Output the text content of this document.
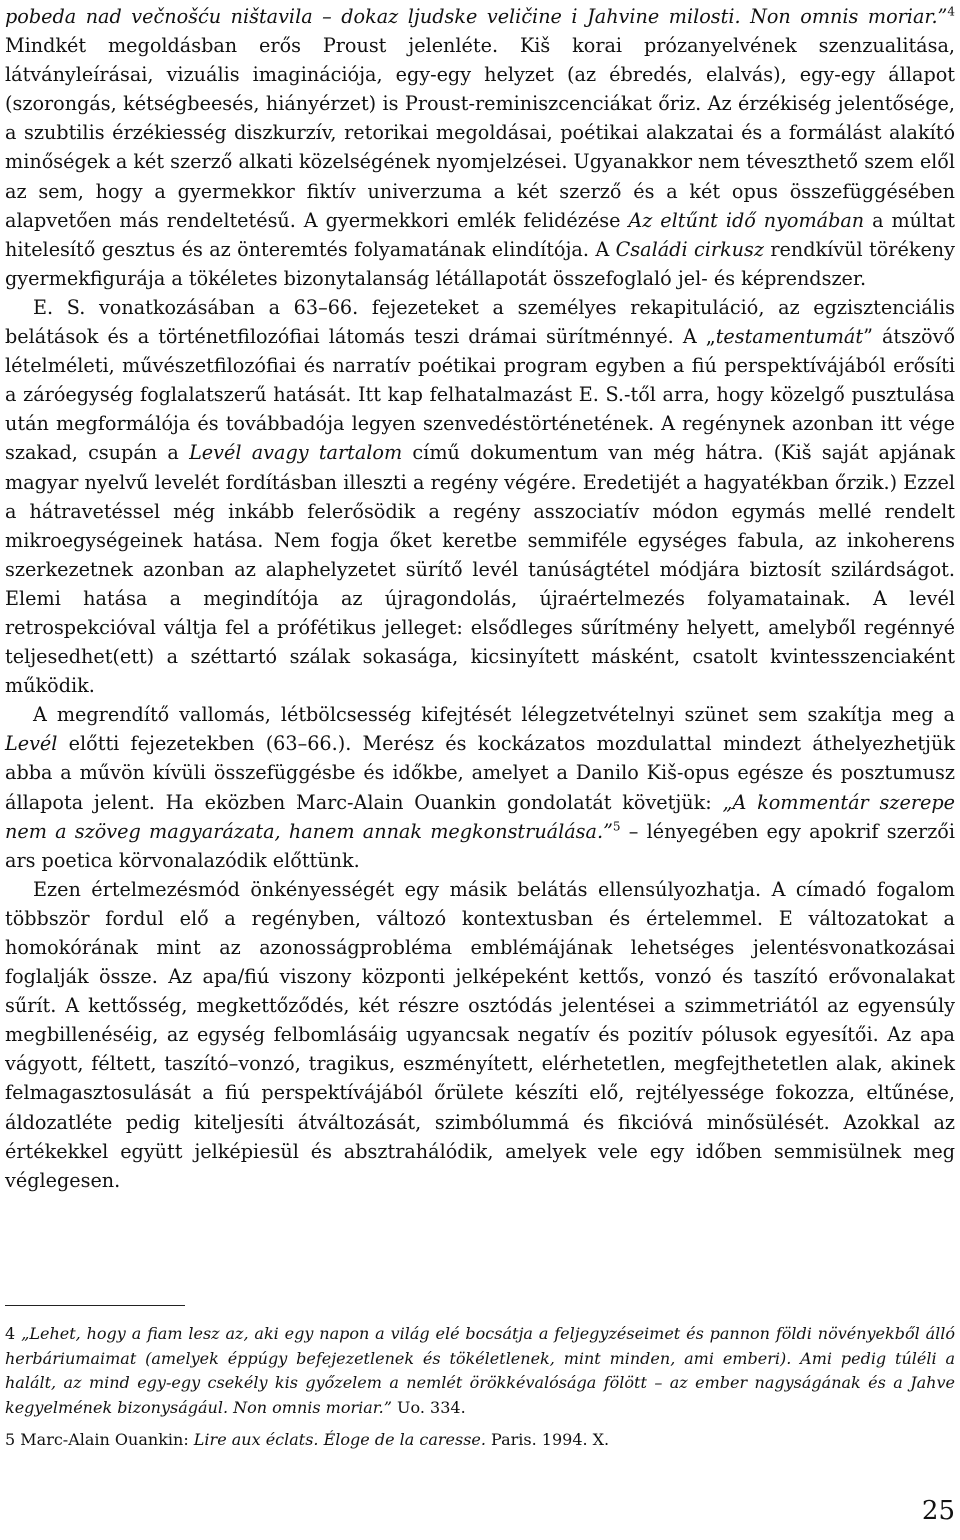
pobeda nad večnošću ništavila – dokaz ljudske veličine i Jahvine milosti. Non omnis moriar.”$^4$ Mindkét megoldásban erős Proust jelenléte. Kiš korai prózanyelvének szenzualitása, látványleírásai, vizuális imaginációja, egy-egy helyzet (az ébredés, elalvás), egy-egy állapot (szorongás, kétségbeesés, hiányérzet) is Proust-reminiszcenciákat őriz. Az érzékiség jelentősége, a szubtilis érzékiesség diszkurzív, retorikai megoldásai, poétikai alakzatai és a formálást alakító minőségek a két szerző alkati közelségének nyomjelzései. Ugyanakkor nem téveszthető szem elől az sem, hogy a gyermekkor fiktív univerzuma a két szerző és a két opus összefüggésében alapvetően más rendeltetésű. A gyermekkori emlék felidézése Az eltűnt idő nyomában a múltat hitelesítő gesztus és az önteremtés folyamatának elindítója. A Családi cirkusz rendkívül törékeny gyermekfigurája a tökéletes bizonytalanság létállapotát összefoglaló jel- és képrendszer.

E. S. vonatkozásában a 63–66. fejezeteket a személyes rekapituláció, az egzisztenciális belátások és a történetfilozófiai látomás teszi drámai sürítménnyé. A „testamentumát” átszövő lételméleti, művészetfilozófiai és narratív poétikai program egyben a fiú perspektívájából erősíti a záróegység foglalatszerű hatását. Itt kap felhatalmazást E. S.-től arra, hogy közelgő pusztulása után megformálója és továbbadója legyen szenvedéstörténetének. A regénynek azonban itt vége szakad, csupán a Levél avagy tartalom című dokumentum van még hátra. (Kiš saját apjának magyar nyelvű levelét fordításban illeszti a regény végére. Eredetijét a hagyatékban őrzik.) Ezzel a hátravetéssel még inkább felerősödik a regény asszociatív módon egymás mellé rendelt mikroegységeinek hatása. Nem fogja őket keretbe semmiféle egységes fabula, az inkoherens szerkezetnek azonban az alaphelyzetet sürítő levél tanúságtétel módjára biztosít szilárdságot. Elemi hatása a megindítója az újragondolás, újraértelmezés folyamatainak. A levél retrospekcióval váltja fel a prófétikus jelleget: elsődleges sűrítmény helyett, amelyből regénnyé teljesedhet(ett) a széttartó szálak sokasága, kicsinyített másként, csatolt kvintesszenciaként működik.

A megrendítő vallomás, létbölcsesség kifejtését lélegzetvételnyi szünet sem szakítja meg a Levél előtti fejezetekben (63–66.). Merész és kockázatos mozdulattal mindezt áthelyezhetjük abba a művön kívüli összefüggésbe és időkbe, amelyet a Danilo Kiš-opus egésze és posztumusz állapota jelent. Ha eközben Marc-Alain Ouankin gondolatát követjük: „A kommentár szerepe nem a szöveg magyarázata, hanem annak megkonstruálása.”$^5$ – lényegében egy apokrif szerzői ars poetica körvonalazódik előttünk.

Ezen értelmezésmód önkényességét egy másik belátás ellensúlyozhatja. A címadó fogalom többször fordul elő a regényben, változó kontextusban és értelemmel. E változatokat a homokórának mint az azonosságprobléma emblémájának lehetséges jelentésvonatkozásai foglalják össze. Az apa/fiú viszony központi jelképeként kettős, vonzó és taszító erővonalakat sűrít. A kettősség, megkettőződés, két részre osztódás jelentései a szimmetriától az egyensúly megbillenéséig, az egység felbomlásáig ugyancsak negatív és pozitív pólusok egyesítői. Az apa vágyott, féltett, taszító–vonzó, tragikus, eszményített, elérhetetlen, megfejthetetlen alak, akinek felmagasztosulását a fiú perspektívájából őrülete készíti elő, rejtélyessége fokozza, eltűnése, áldozatléte pedig kiteljesíti átváltozását, szimbólummá és fikcióvá minősülését. Azokkal az értékekkel együtt jelképiesül és absztrahálódik, amelyek vele egy időben semmisülnek meg véglegesen.

4 „Lehet, hogy a fiam lesz az, aki egy napon a világ elé bocsátja a feljegyzéseimet és pannon földi növényekből álló herbáriumaimat (amelyek éppúgy befejezetlenek és tökéletlenek, mint minden, ami emberi). Ami pedig túléli a halált, az mind egy-egy csekély kis győzelem a nemlét örökkévalósága fölött – az ember nagyságának és a Jahve kegyelmének bizonyságául. Non omnis moriar.” Uo. 334.

5 Marc-Alain Ouankin: Lire aux éclats. Éloge de la caresse. Paris. 1994. X.

25
